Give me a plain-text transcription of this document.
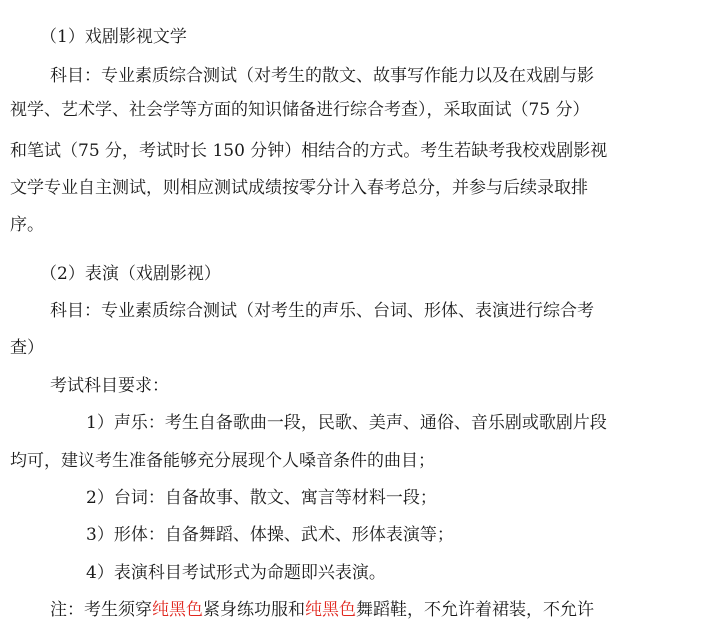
（1）戏剧影视文学
科目：专业素质综合测试（对考生的散文、故事写作能力以及在戏剧与影
视学、艺术学、社会学等方面的知识储备进行综合考查），采取面试（75 分）
和笔试（75 分，考试时长 150 分钟）相结合的方式。考生若缺考我校戏剧影视
文学专业自主测试，则相应测试成绩按零分计入春考总分，并参与后续录取排
序。
（2）表演（戏剧影视）
科目：专业素质综合测试（对考生的声乐、台词、形体、表演进行综合考
查）
考试科目要求：
1）声乐：考生自备歌曲一段，民歌、美声、通俗、音乐剧或歌剧片段
均可，建议考生准备能够充分展现个人嗓音条件的曲目；
2）台词：自备故事、散文、寓言等材料一段；
3）形体：自备舞蹈、体操、武术、形体表演等；
4）表演科目考试形式为命题即兴表演。
注：考生须穿纯黑色紧身练功服和纯黑色舞蹈鞋，不允许着裙装，不允许
